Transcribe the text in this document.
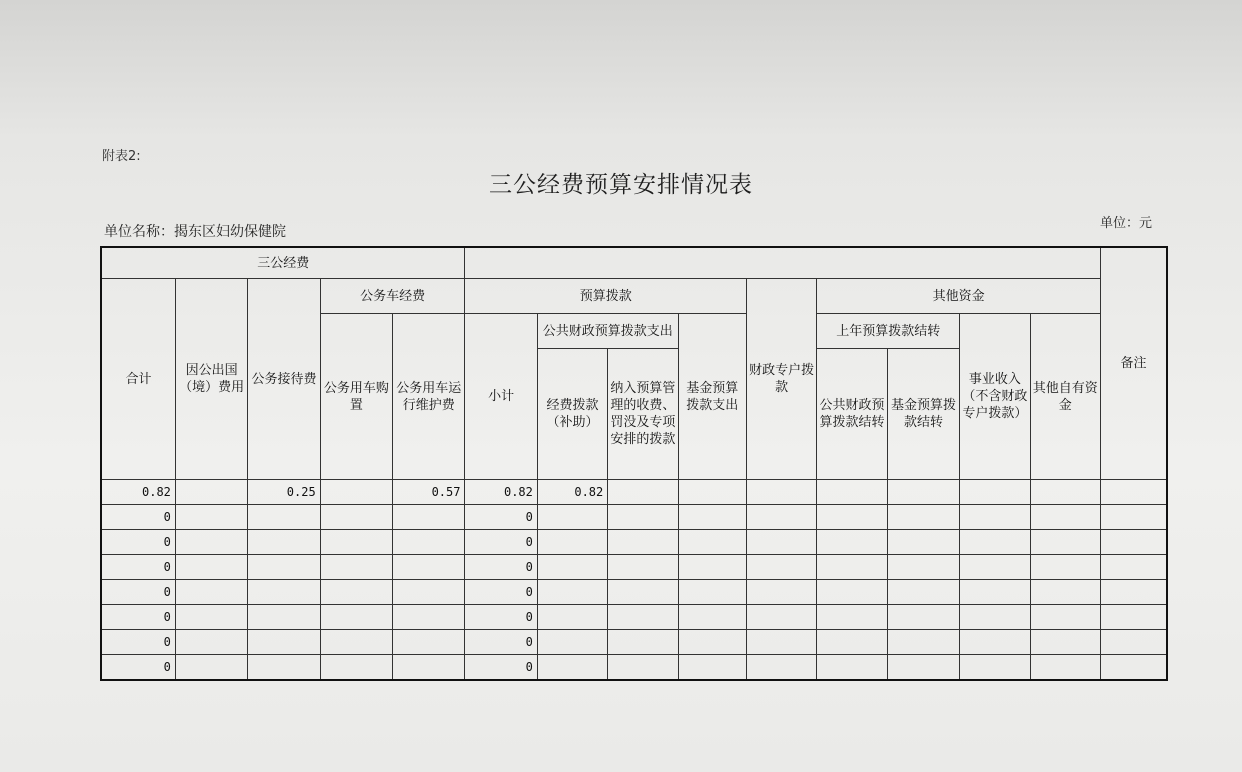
附表2:
三公经费预算安排情况表
单位名称：揭东区妇幼保健院
单位：元
三公经费														备注
合计	因公出国（境）费用	公务接待费	公务车经费		预算拨款				财政专户拨款	其他资金				
			公务用车购置	公务用车运行维护费	小计	公共财政预算拨款支出		基金预算拨款支出		上年预算拨款结转		事业收入（不含财政专户拨款）	其他自有资金	
						经费拨款（补助）	纳入预算管理的收费、罚没及专项安排的拨款			公共财政预算拨款结转	基金预算拨款结转			

0.82		0.25		0.57	0.82	0.82								
0					0									
0					0									
0					0									
0					0									
0					0									
0					0									
0					0									
